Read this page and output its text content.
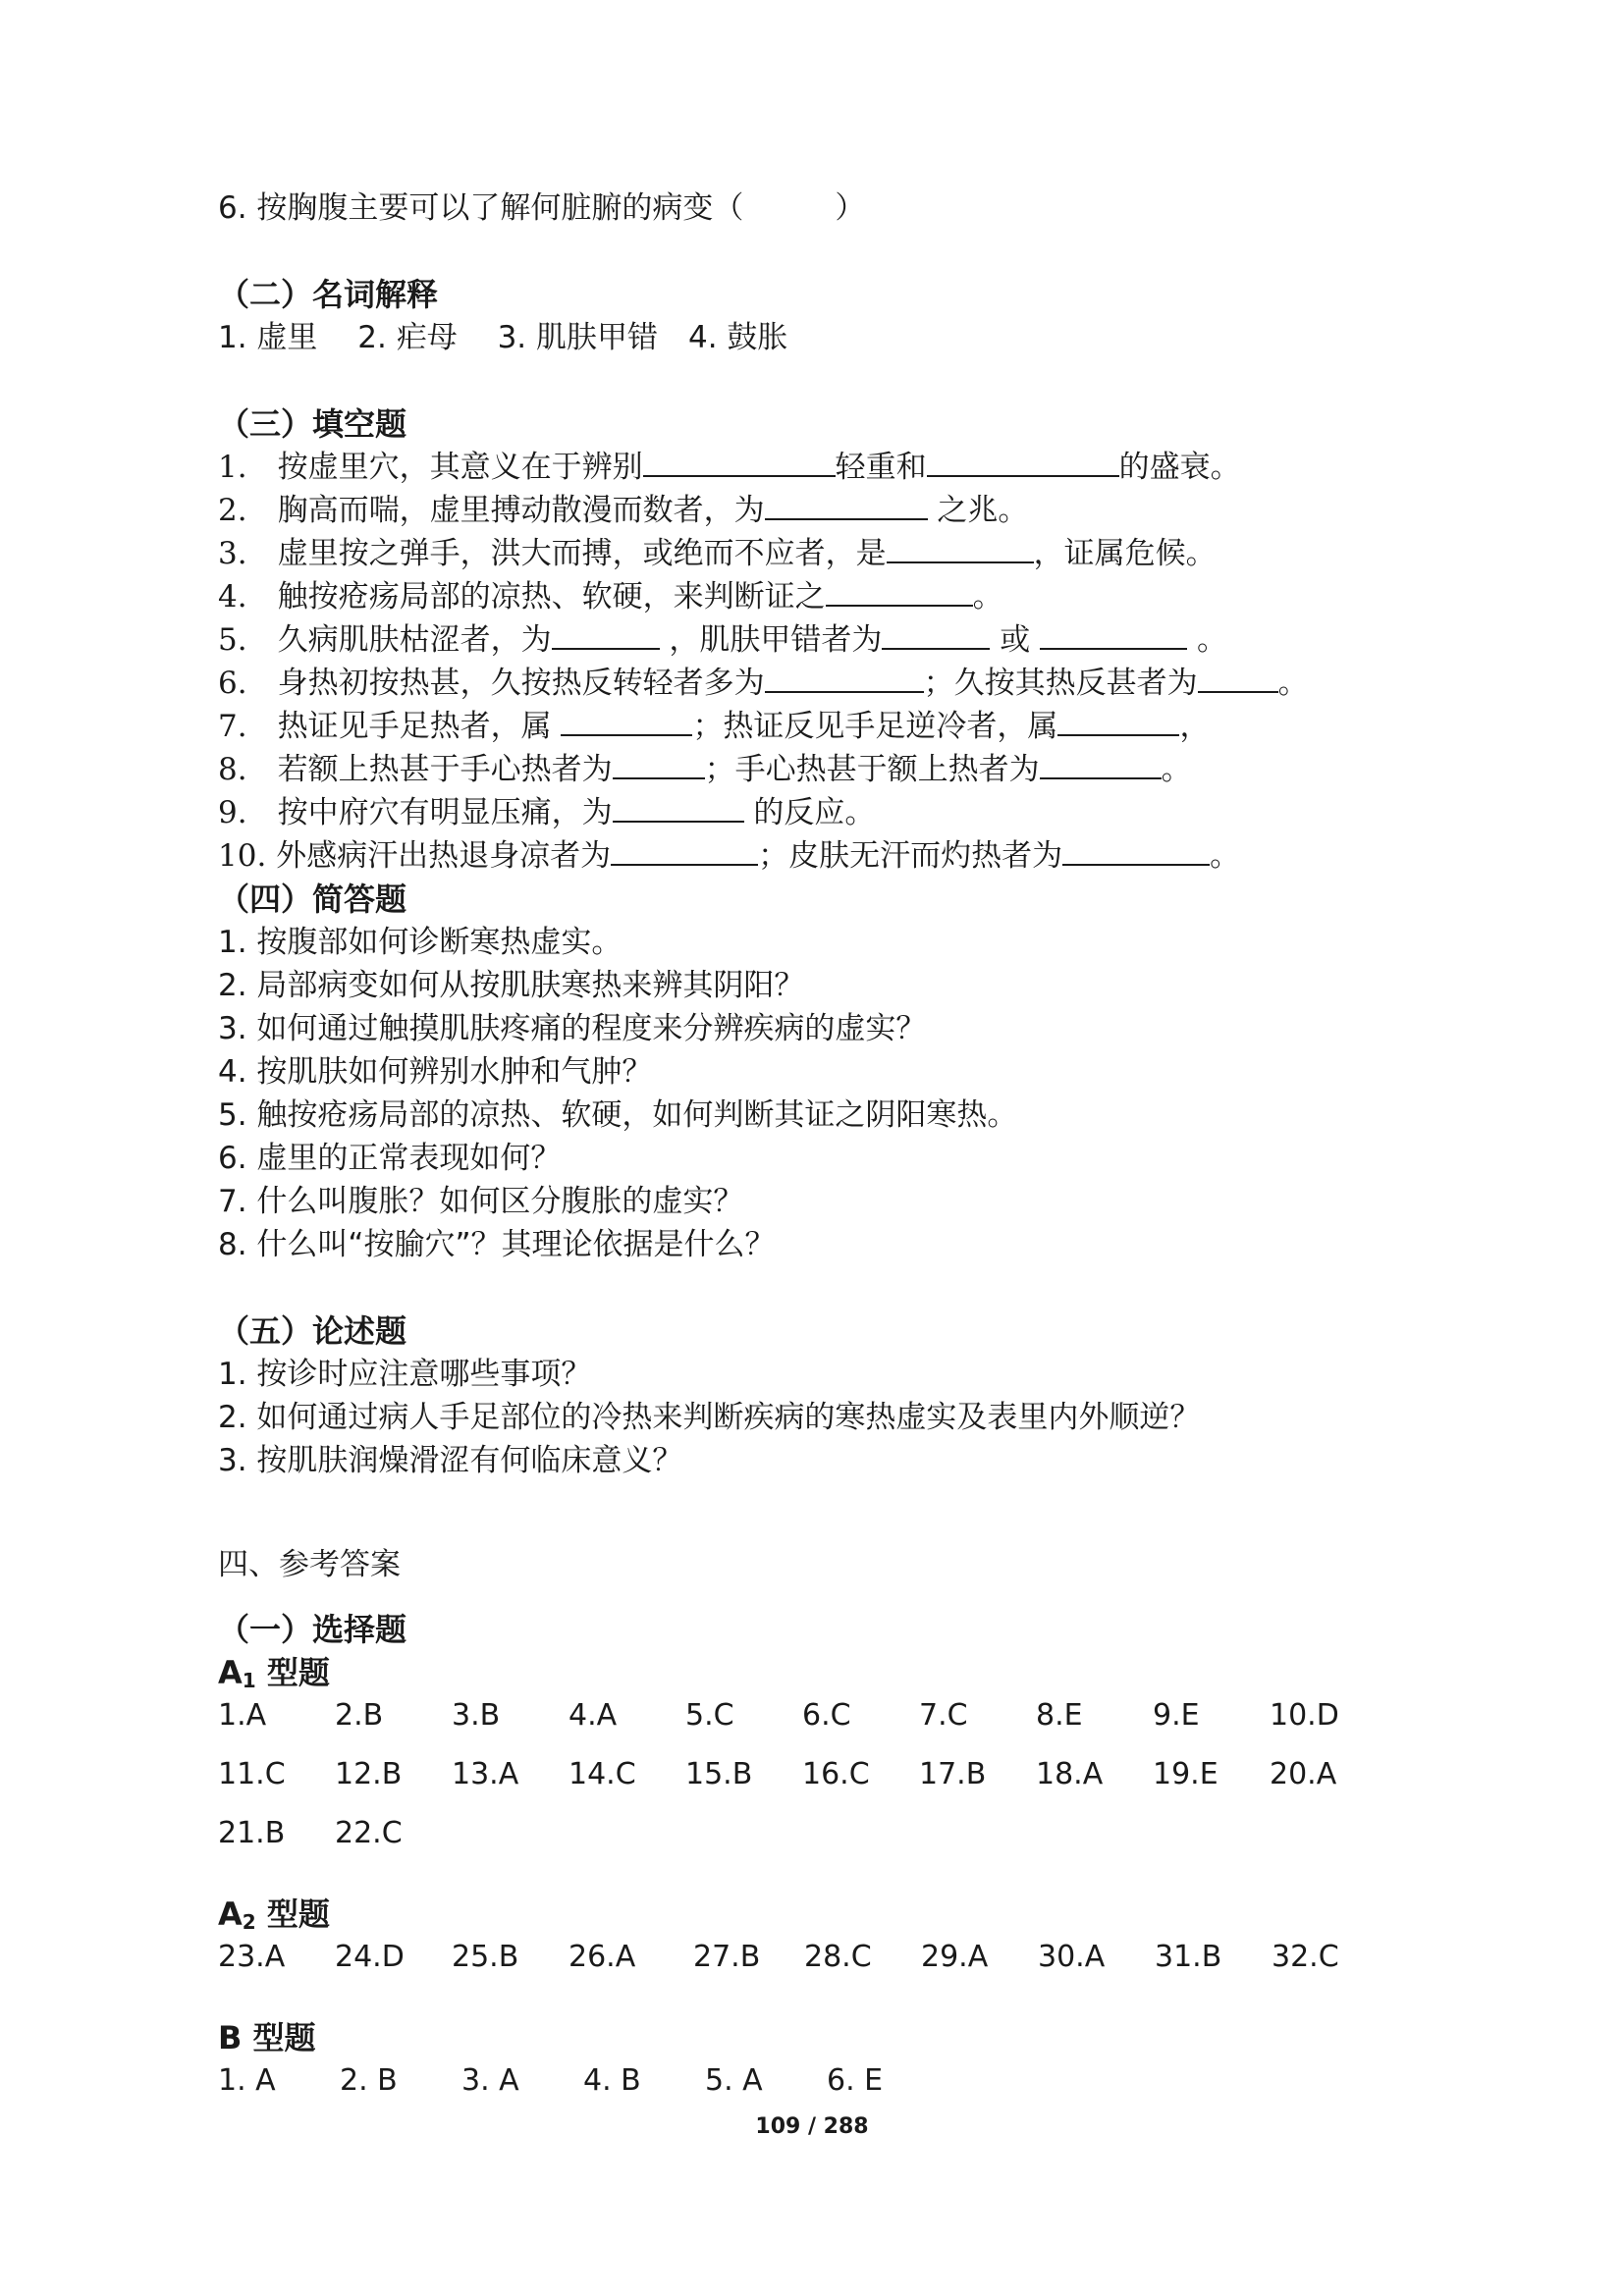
6. 按胸腹主要可以了解何脏腑的病变（　　　）
（二）名词解释
1. 虚里　 2. 疟母　 3. 肌肤甲错　4. 鼓胀
（三）填空题
1.　按虚里穴，其意义在于辨别	轻重和	的盛衰。
2.　胸高而喘，虚里搏动散漫而数者，为	之兆。
3.　虚里按之弹手，洪大而搏，或绝而不应者，是	，证属危候。
4.　触按疮疡局部的凉热、软硬，来判断证之	。
5.　久病肌肤枯涩者，为	，肌肤甲错者为	或	。
6.　身热初按热甚，久按热反转轻者多为	；久按其热反甚者为	。
7.　热证见手足热者，属	；热证反见手足逆冷者，属	，
8.　若额上热甚于手心热者为	；手心热甚于额上热者为	。
9.　按中府穴有明显压痛，为	的反应。
10. 外感病汗出热退身凉者为	；皮肤无汗而灼热者为	。
（四）简答题
1. 按腹部如何诊断寒热虚实。
2. 局部病变如何从按肌肤寒热来辨其阴阳？
3. 如何通过触摸肌肤疼痛的程度来分辨疾病的虚实？
4. 按肌肤如何辨别水肿和气肿？
5. 触按疮疡局部的凉热、软硬，如何判断其证之阴阳寒热。
6. 虚里的正常表现如何？
7. 什么叫腹胀？如何区分腹胀的虚实？
8. 什么叫“按腧穴”？其理论依据是什么？
（五）论述题
1. 按诊时应注意哪些事项？
2. 如何通过病人手足部位的冷热来判断疾病的寒热虚实及表里内外顺逆？
3. 按肌肤润燥滑涩有何临床意义？
四、参考答案
（一）选择题
$A_1$ 型题
1.A 2.B 3.B 4.A 5.C 6.C 7.C 8.E 9.E 10.D
11.C 12.B 13.A 14.C 15.B 16.C 17.B 18.A 19.E 20.A
21.B 22.C
$A_2$ 型题
23.A 24.D 25.B 26.A 27.B 28.C 29.A 30.A 31.B 32.C
B 型题
1. A 2. B 3. A 4. B 5. A 6. E
109 / 288
